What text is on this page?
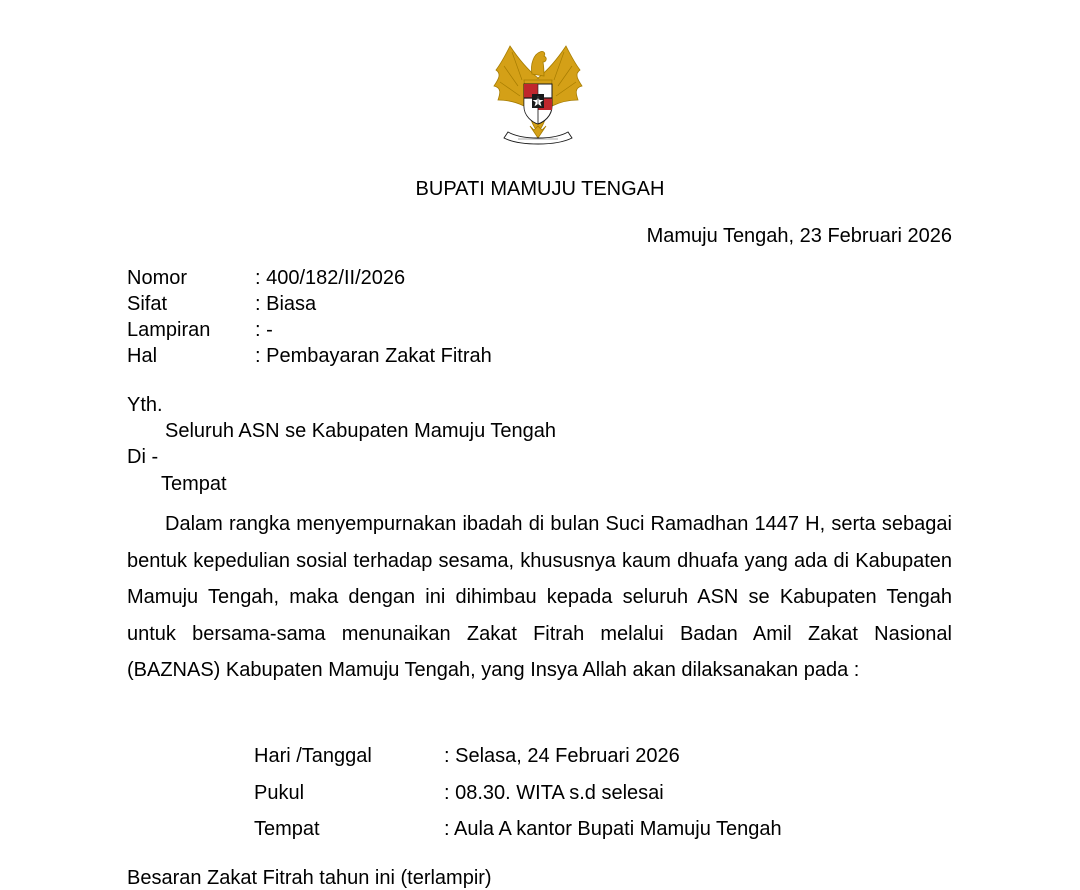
BUPATI MAMUJU TENGAH
Mamuju Tengah, 23 Februari 2026
Nomor	: 400/182/II/2026
Sifat	: Biasa
Lampiran : -
Hal	: Pembayaran Zakat Fitrah
Yth.
Seluruh ASN se Kabupaten Mamuju Tengah
Di -
Tempat

Dalam rangka menyempurnakan ibadah di bulan Suci Ramadhan 1447 H, serta sebagai bentuk kepedulian sosial terhadap sesama, khususnya kaum dhuafa yang ada di Kabupaten Mamuju Tengah, maka dengan ini dihimbau kepada seluruh ASN se Kabupaten Tengah untuk bersama-sama menunaikan Zakat Fitrah melalui Badan Amil Zakat Nasional (BAZNAS) Kabupaten Mamuju Tengah, yang Insya Allah akan dilaksanakan pada :

Hari /Tanggal	: Selasa, 24 Februari 2026
Pukul	: 08.30. WITA s.d selesai
Tempat	: Aula A kantor Bupati Mamuju Tengah
Besaran Zakat Fitrah tahun ini (terlampir)
